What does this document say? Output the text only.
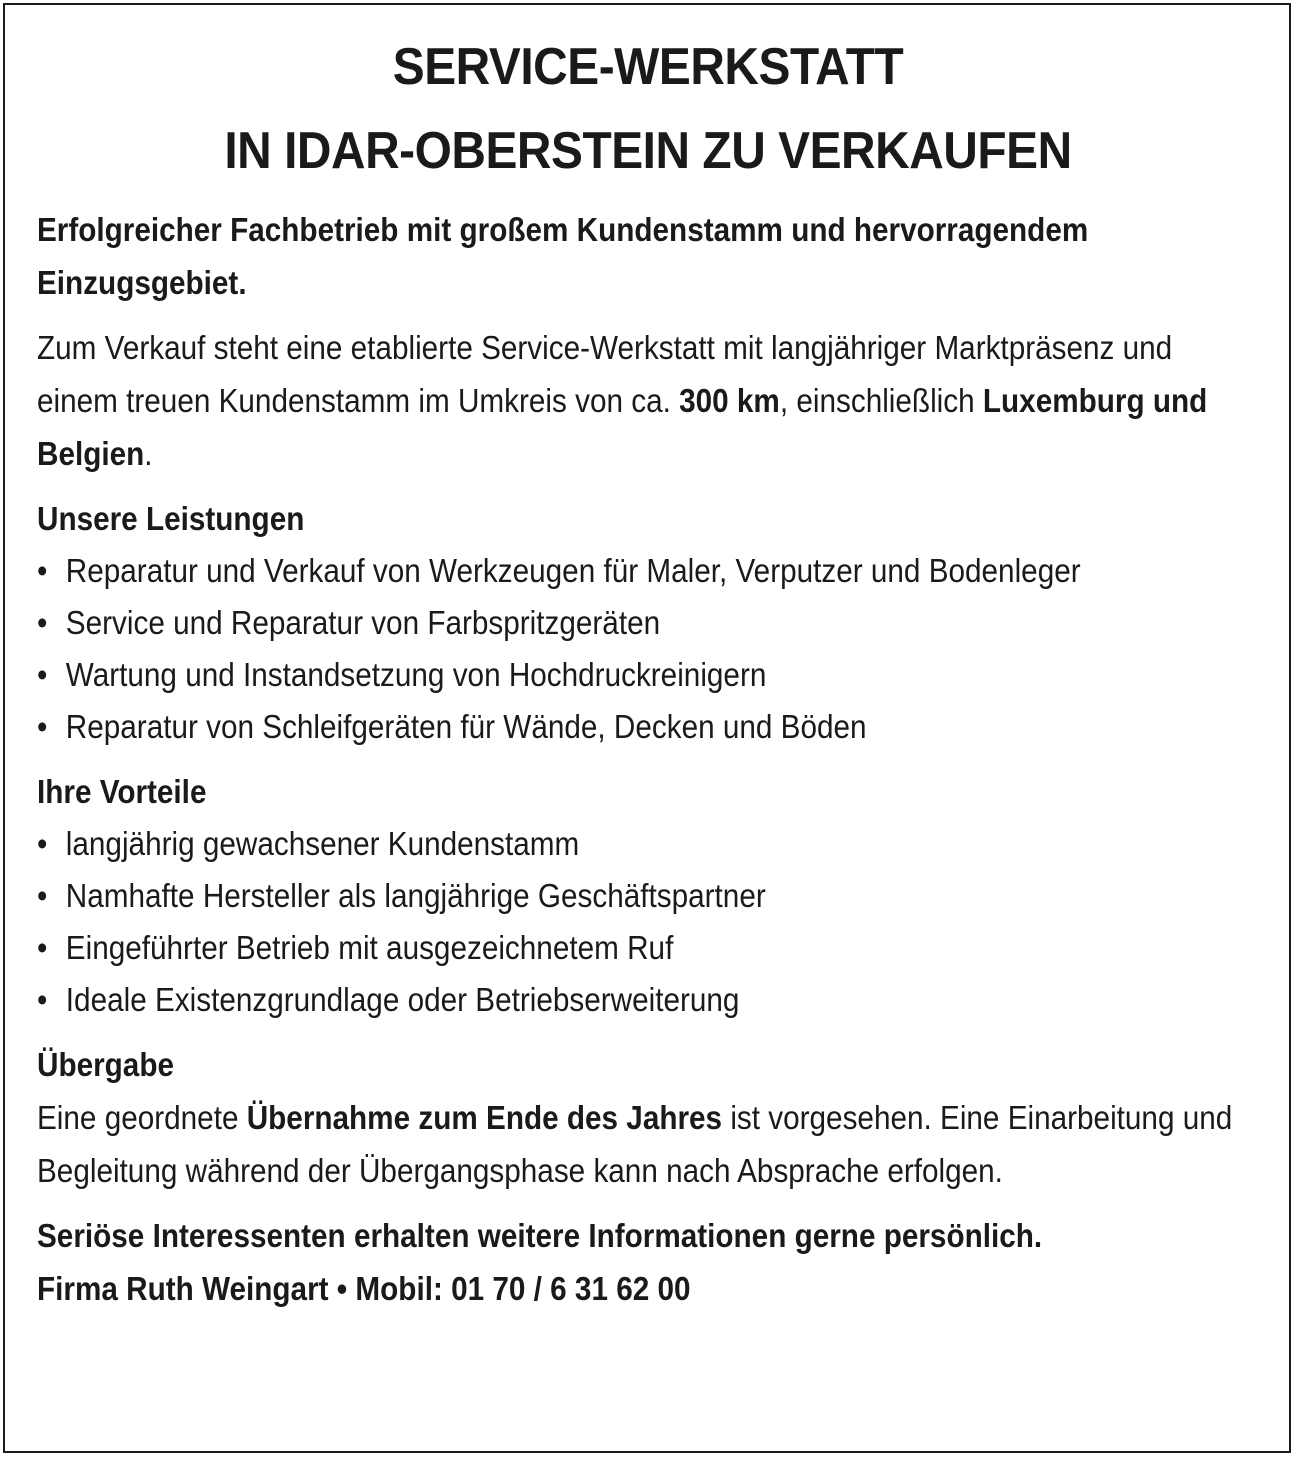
SERVICE-WERKSTATT
IN IDAR-OBERSTEIN ZU VERKAUFEN

Erfolgreicher Fachbetrieb mit großem Kundenstamm und hervorragendem Einzugsgebiet.

Zum Verkauf steht eine etablierte Service-Werkstatt mit langjähriger Marktpräsenz und einem treuen Kundenstamm im Umkreis von ca. 300 km, einschließlich Luxemburg und Belgien.

Unsere Leistungen
• Reparatur und Verkauf von Werkzeugen für Maler, Verputzer und Bodenleger
• Service und Reparatur von Farbspritzgeräten
• Wartung und Instandsetzung von Hochdruckreinigern
• Reparatur von Schleifgeräten für Wände, Decken und Böden
Ihre Vorteile
• langjährig gewachsener Kundenstamm
• Namhafte Hersteller als langjährige Geschäftspartner
• Eingeführter Betrieb mit ausgezeichnetem Ruf
• Ideale Existenzgrundlage oder Betriebserweiterung
Übergabe
Eine geordnete Übernahme zum Ende des Jahres ist vorgesehen. Eine Einarbeitung und Begleitung während der Übergangsphase kann nach Absprache erfolgen.
Seriöse Interessenten erhalten weitere Informationen gerne persönlich.
Firma Ruth Weingart • Mobil: 01 70 / 6 31 62 00
